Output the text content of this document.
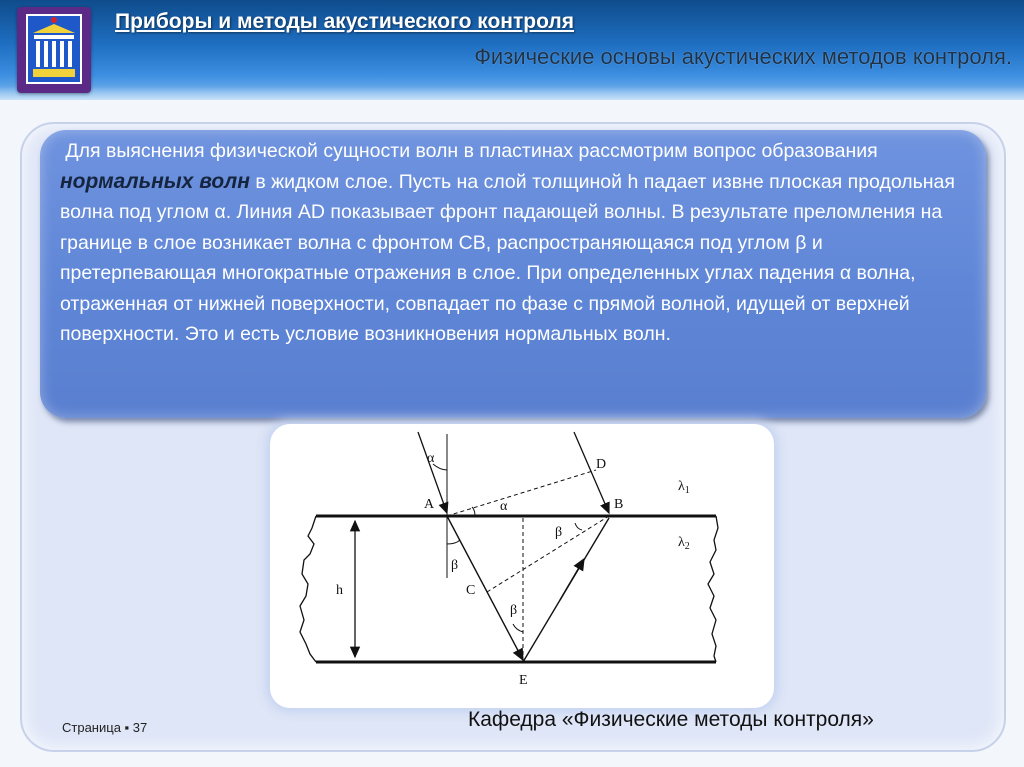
Приборы и методы акустического контроля
Физические основы акустических методов контроля.

Для выяснения физической сущности волн в пластинах рассмотрим вопрос образования нормальных волн в жидком слое. Пусть на слой толщиной h падает извне плоская продольная волна под углом α. Линия AD показывает фронт падающей волны. В результате преломления на границе в слое возникает волна с фронтом CB, распространяющаяся под углом β и претерпевающая многократные отражения в слое. При определенных углах падения α волна, отраженная от нижней поверхности, совпадает по фазе с прямой волной, идущей от верхней поверхности. Это и есть условие возникновения нормальных волн.

α
α
A	B
C
D
E
h
β
β
β
$\lambda_1$
$\lambda_2$
Страница ▪ 37	Кафедра «Физические методы контроля»
